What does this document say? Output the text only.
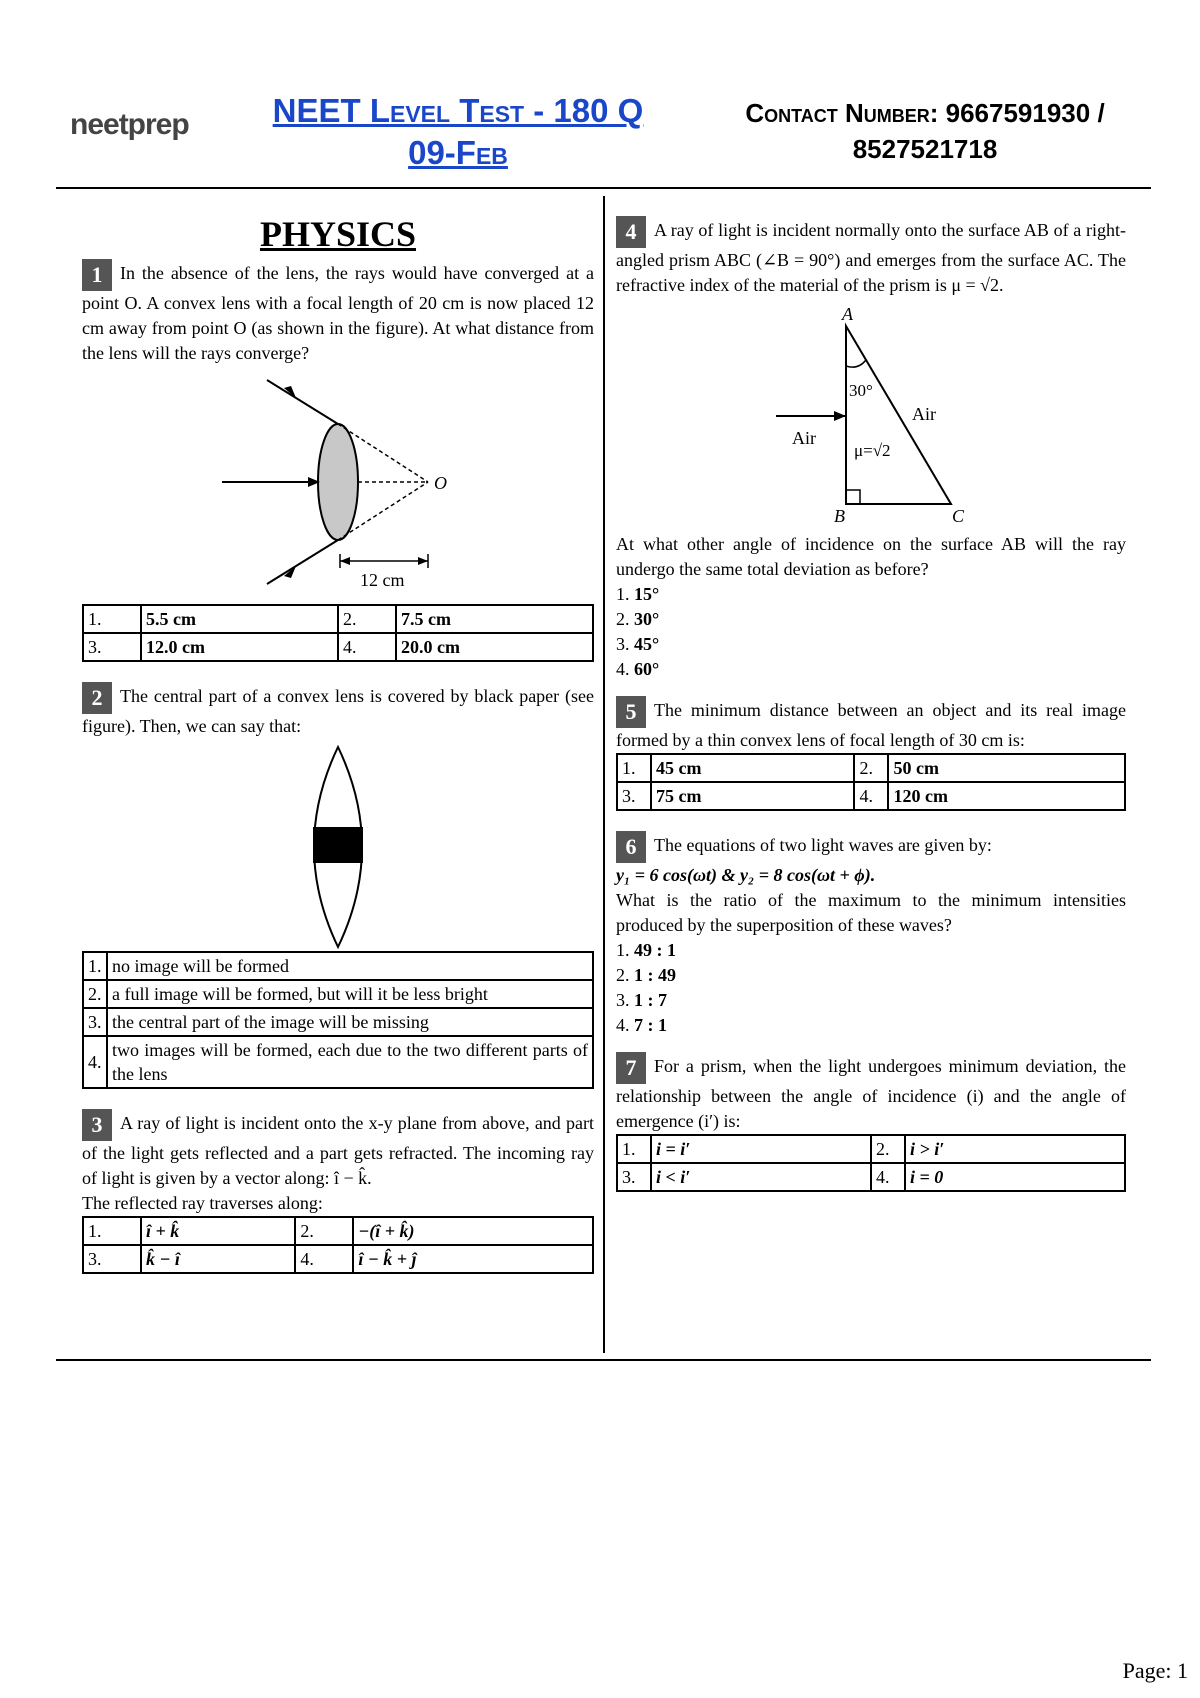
neetprep	NEET Level Test - 180 Q
09-Feb
Contact Number: 9667591930 /
8527521718
PHYSICS
1 In the absence of the lens, the rays would have converged at a point O. A convex lens with a focal length of 20 cm is now placed 12 cm away from point O (as shown in the figure). At what distance from the lens will the rays converge?
O
12 cm
1.	5.5 cm	2.	7.5 cm
3.	12.0 cm	4.	20.0 cm
2 The central part of a convex lens is covered by black paper (see figure). Then, we can say that:
1.	no image will be formed
2.	a full image will be formed, but will it be less bright
3.	the central part of the image will be missing
4.	two images will be formed, each due to the two different parts of the lens
3 A ray of light is incident onto the x-y plane from above, and part of the light gets reflected and a part gets refracted. The incoming ray of light is given by a vector along: î − k̂.
The reflected ray traverses along:
1.	î + k̂	2.	−(î + k̂)
3.	k̂ − î	4.	î − k̂ + ĵ
4 A ray of light is incident normally onto the surface AB of a right-angled prism ABC (∠B = 90°) and emerges from the surface AC. The refractive index of the material of the prism is μ = √2.
A
B	C
30°
Air
Air
μ=√2
At what other angle of incidence on the surface AB will the ray undergo the same total deviation as before?
1. 15°
2. 30°
3. 45°
4. 60°
5 The minimum distance between an object and its real image formed by a thin convex lens of focal length of 30 cm is:
1.	45 cm	2.	50 cm
3.	75 cm	4.	120 cm
6 The equations of two light waves are given by:
y₁ = 6 cos(ωt) & y₂ = 8 cos(ωt + ϕ).
What is the ratio of the maximum to the minimum intensities produced by the superposition of these waves?
1. 49 : 1
2. 1 : 49
3. 1 : 7
4. 7 : 1
7 For a prism, when the light undergoes minimum deviation, the relationship between the angle of incidence (i) and the angle of emergence (i′) is:
1.	i = i′	2.	i > i′
3.	i < i′	4.	i = 0
Page: 1
